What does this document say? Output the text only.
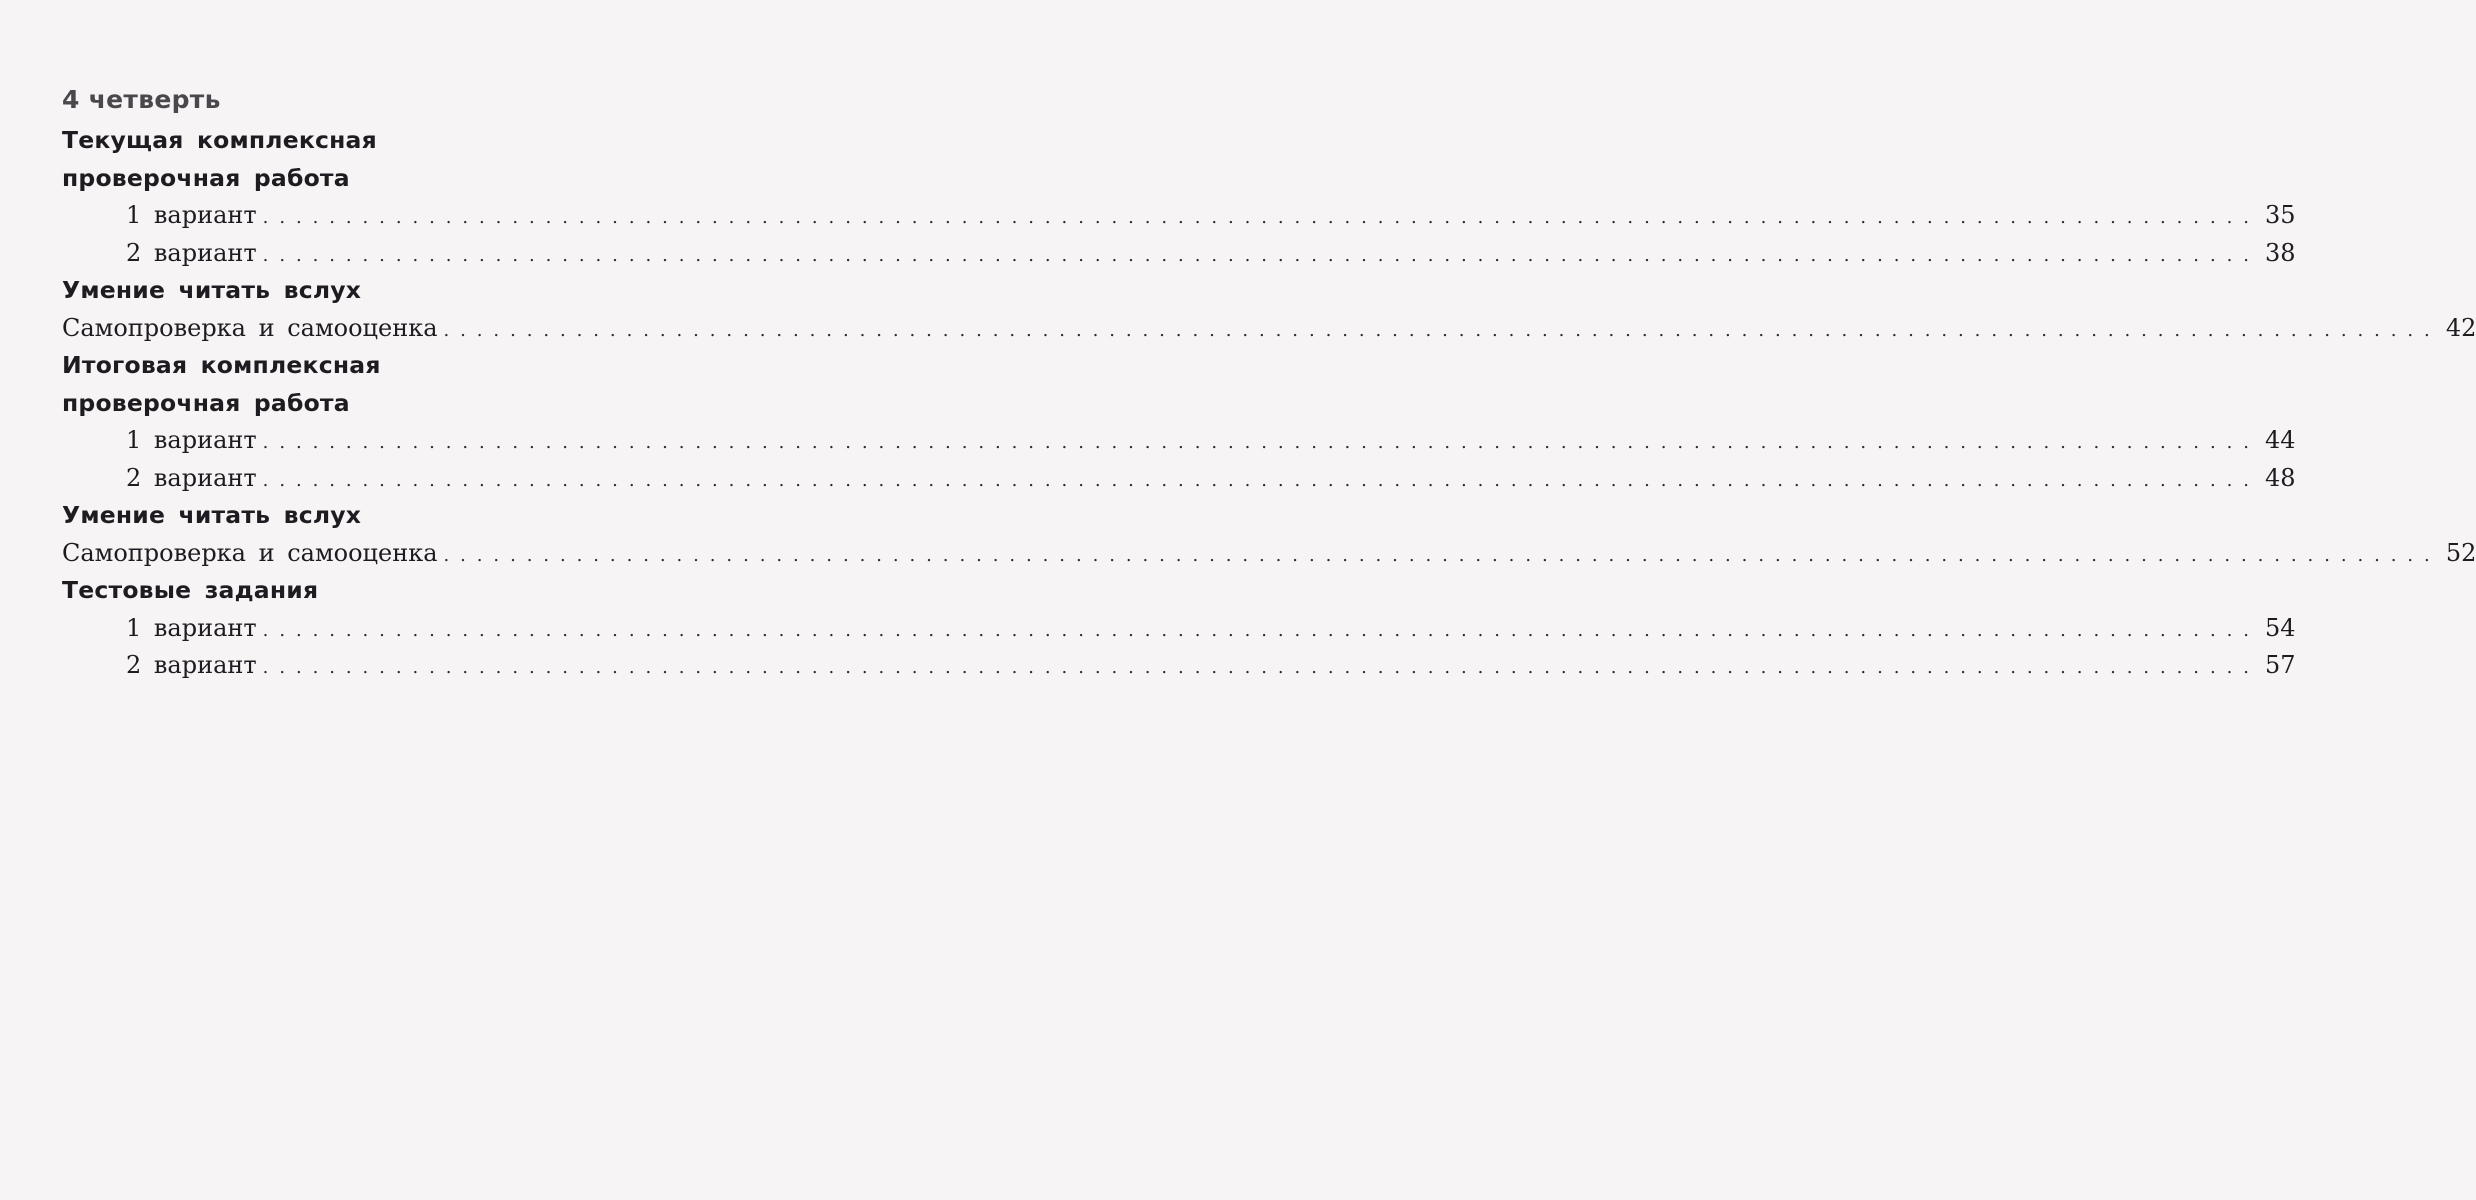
4 четверть
Текущая комплексная
проверочная работа
1 вариант . . . . . . . . . . . . . . . . . . . . . . . . . . . . . . . . . . . . . . . . . . . . . . . . . . . . . . . . . . . . . . . . . . . . . . . . . . . . . . . . . . . . . . . . . . . . . . . . . . . . . . . . . . . . . . . . . . . . . . . . 35
2 вариант . . . . . . . . . . . . . . . . . . . . . . . . . . . . . . . . . . . . . . . . . . . . . . . . . . . . . . . . . . . . . . . . . . . . . . . . . . . . . . . . . . . . . . . . . . . . . . . . . . . . . . . . . . . . . . . . . . . . . . . . 38
Умение читать вслух
Самопроверка и самооценка . . . . . . . . . . . . . . . . . . . . . . . . . . . . . . . . . . . . . . . . . . . . . . . . . . . . . . . . . . . . . . . . . . . . . . . . . . . . . . . . . . . . . . . . . . . . . . . . . . . . . . . . . . . . . . . . . . . . . . . . 42
Итоговая комплексная
проверочная работа
1 вариант . . . . . . . . . . . . . . . . . . . . . . . . . . . . . . . . . . . . . . . . . . . . . . . . . . . . . . . . . . . . . . . . . . . . . . . . . . . . . . . . . . . . . . . . . . . . . . . . . . . . . . . . . . . . . . . . . . . . . . . . 44
2 вариант . . . . . . . . . . . . . . . . . . . . . . . . . . . . . . . . . . . . . . . . . . . . . . . . . . . . . . . . . . . . . . . . . . . . . . . . . . . . . . . . . . . . . . . . . . . . . . . . . . . . . . . . . . . . . . . . . . . . . . . . 48
Умение читать вслух
Самопроверка и самооценка . . . . . . . . . . . . . . . . . . . . . . . . . . . . . . . . . . . . . . . . . . . . . . . . . . . . . . . . . . . . . . . . . . . . . . . . . . . . . . . . . . . . . . . . . . . . . . . . . . . . . . . . . . . . . . . . . . . . . . . . 52
Тестовые задания
1 вариант . . . . . . . . . . . . . . . . . . . . . . . . . . . . . . . . . . . . . . . . . . . . . . . . . . . . . . . . . . . . . . . . . . . . . . . . . . . . . . . . . . . . . . . . . . . . . . . . . . . . . . . . . . . . . . . . . . . . . . . . 54
2 вариант . . . . . . . . . . . . . . . . . . . . . . . . . . . . . . . . . . . . . . . . . . . . . . . . . . . . . . . . . . . . . . . . . . . . . . . . . . . . . . . . . . . . . . . . . . . . . . . . . . . . . . . . . . . . . . . . . . . . . . . . 57
